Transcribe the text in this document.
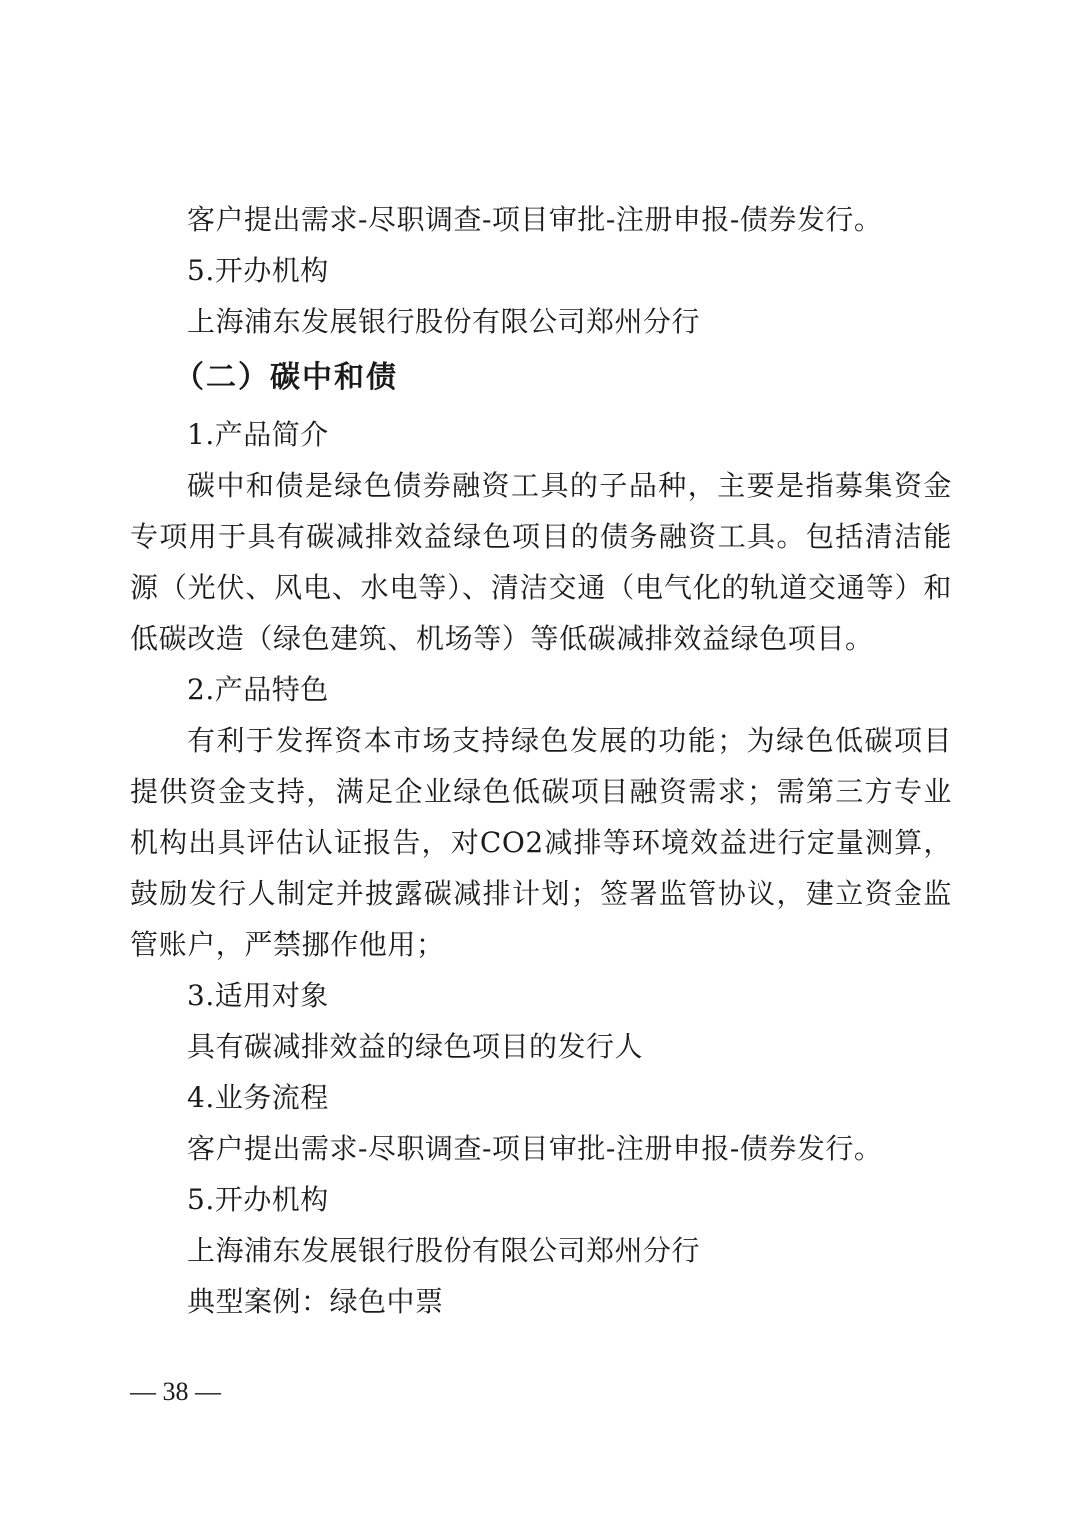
客户提出需求-尽职调查-项目审批-注册申报-债券发行。
5.开办机构
上海浦东发展银行股份有限公司郑州分行
（二）碳中和债
1.产品简介

碳中和债是绿色债券融资工具的子品种，主要是指募集资金专项用于具有碳减排效益绿色项目的债务融资工具。包括清洁能源（光伏、风电、水电等）、清洁交通（电气化的轨道交通等）和低碳改造（绿色建筑、机场等）等低碳减排效益绿色项目。

2.产品特色

有利于发挥资本市场支持绿色发展的功能；为绿色低碳项目提供资金支持，满足企业绿色低碳项目融资需求；需第三方专业机构出具评估认证报告，对CO2减排等环境效益进行定量测算，鼓励发行人制定并披露碳减排计划；签署监管协议，建立资金监管账户，严禁挪作他用；

3.适用对象
具有碳减排效益的绿色项目的发行人
4.业务流程
客户提出需求-尽职调查-项目审批-注册申报-债券发行。
5.开办机构
上海浦东发展银行股份有限公司郑州分行
典型案例：绿色中票
— 38 —
